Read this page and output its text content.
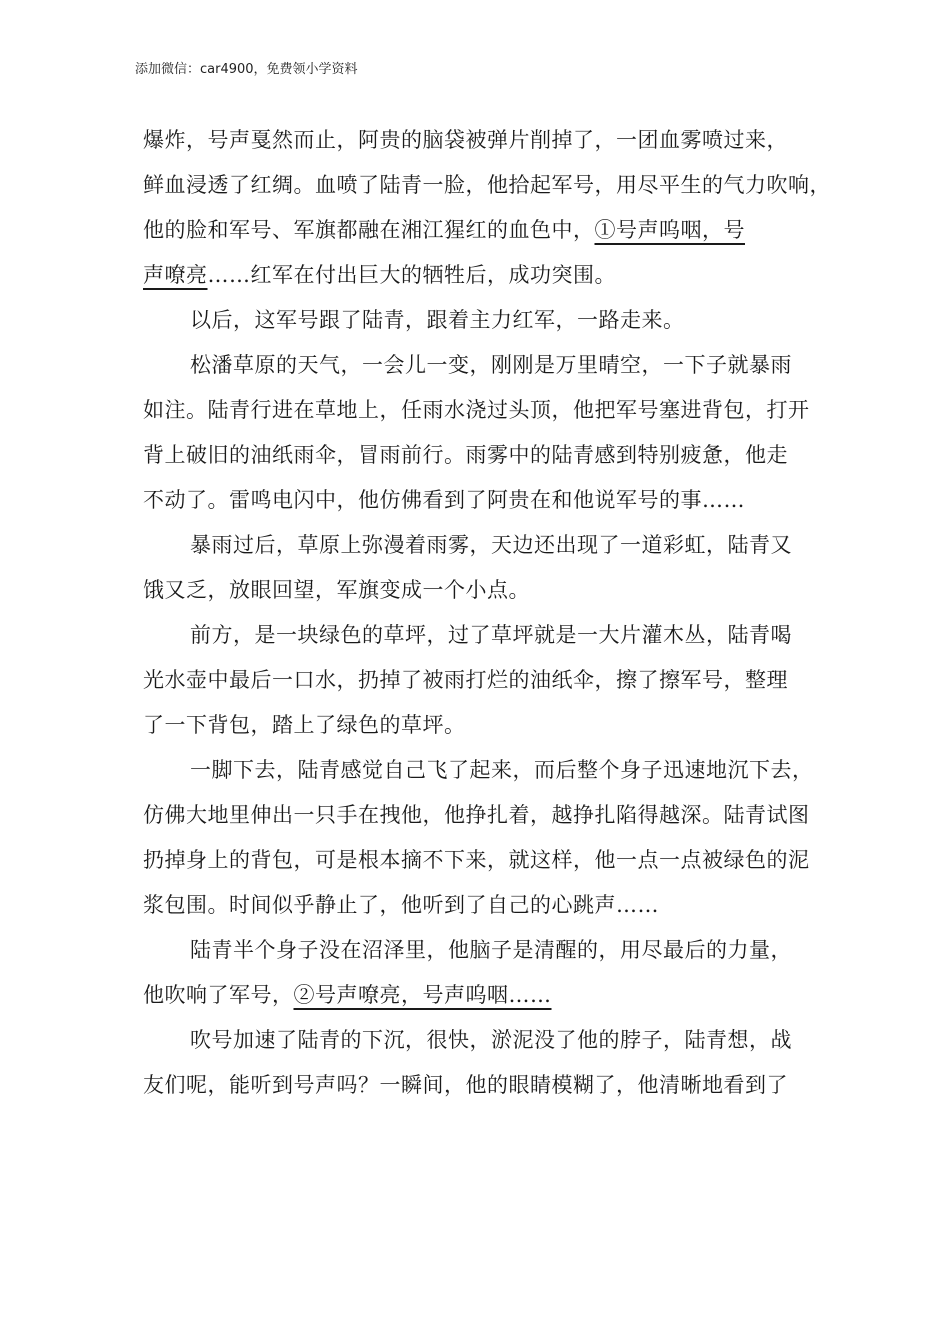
添加微信：car4900，免费领小学资料
爆炸，号声戛然而止，阿贵的脑袋被弹片削掉了，一团血雾喷过来，
鲜血浸透了红绸。血喷了陆青一脸，他拾起军号，用尽平生的气力吹响，
他的脸和军号、军旗都融在湘江猩红的血色中，①号声呜咽，号
声嘹亮……红军在付出巨大的牺牲后，成功突围。
以后，这军号跟了陆青，跟着主力红军，一路走来。
松潘草原的天气，一会儿一变，刚刚是万里晴空，一下子就暴雨
如注。陆青行进在草地上，任雨水浇过头顶，他把军号塞进背包，打开
背上破旧的油纸雨伞，冒雨前行。雨雾中的陆青感到特别疲惫，他走
不动了。雷鸣电闪中，他仿佛看到了阿贵在和他说军号的事……
暴雨过后，草原上弥漫着雨雾，天边还出现了一道彩虹，陆青又
饿又乏，放眼回望，军旗变成一个小点。
前方，是一块绿色的草坪，过了草坪就是一大片灌木丛，陆青喝
光水壶中最后一口水，扔掉了被雨打烂的油纸伞，擦了擦军号，整理
了一下背包，踏上了绿色的草坪。
一脚下去，陆青感觉自己飞了起来，而后整个身子迅速地沉下去，
仿佛大地里伸出一只手在拽他，他挣扎着，越挣扎陷得越深。陆青试图
扔掉身上的背包，可是根本摘不下来，就这样，他一点一点被绿色的泥
浆包围。时间似乎静止了，他听到了自己的心跳声……
陆青半个身子没在沼泽里，他脑子是清醒的，用尽最后的力量，
他吹响了军号，②号声嘹亮，号声呜咽……
吹号加速了陆青的下沉，很快，淤泥没了他的脖子，陆青想，战
友们呢，能听到号声吗？一瞬间，他的眼睛模糊了，他清晰地看到了
